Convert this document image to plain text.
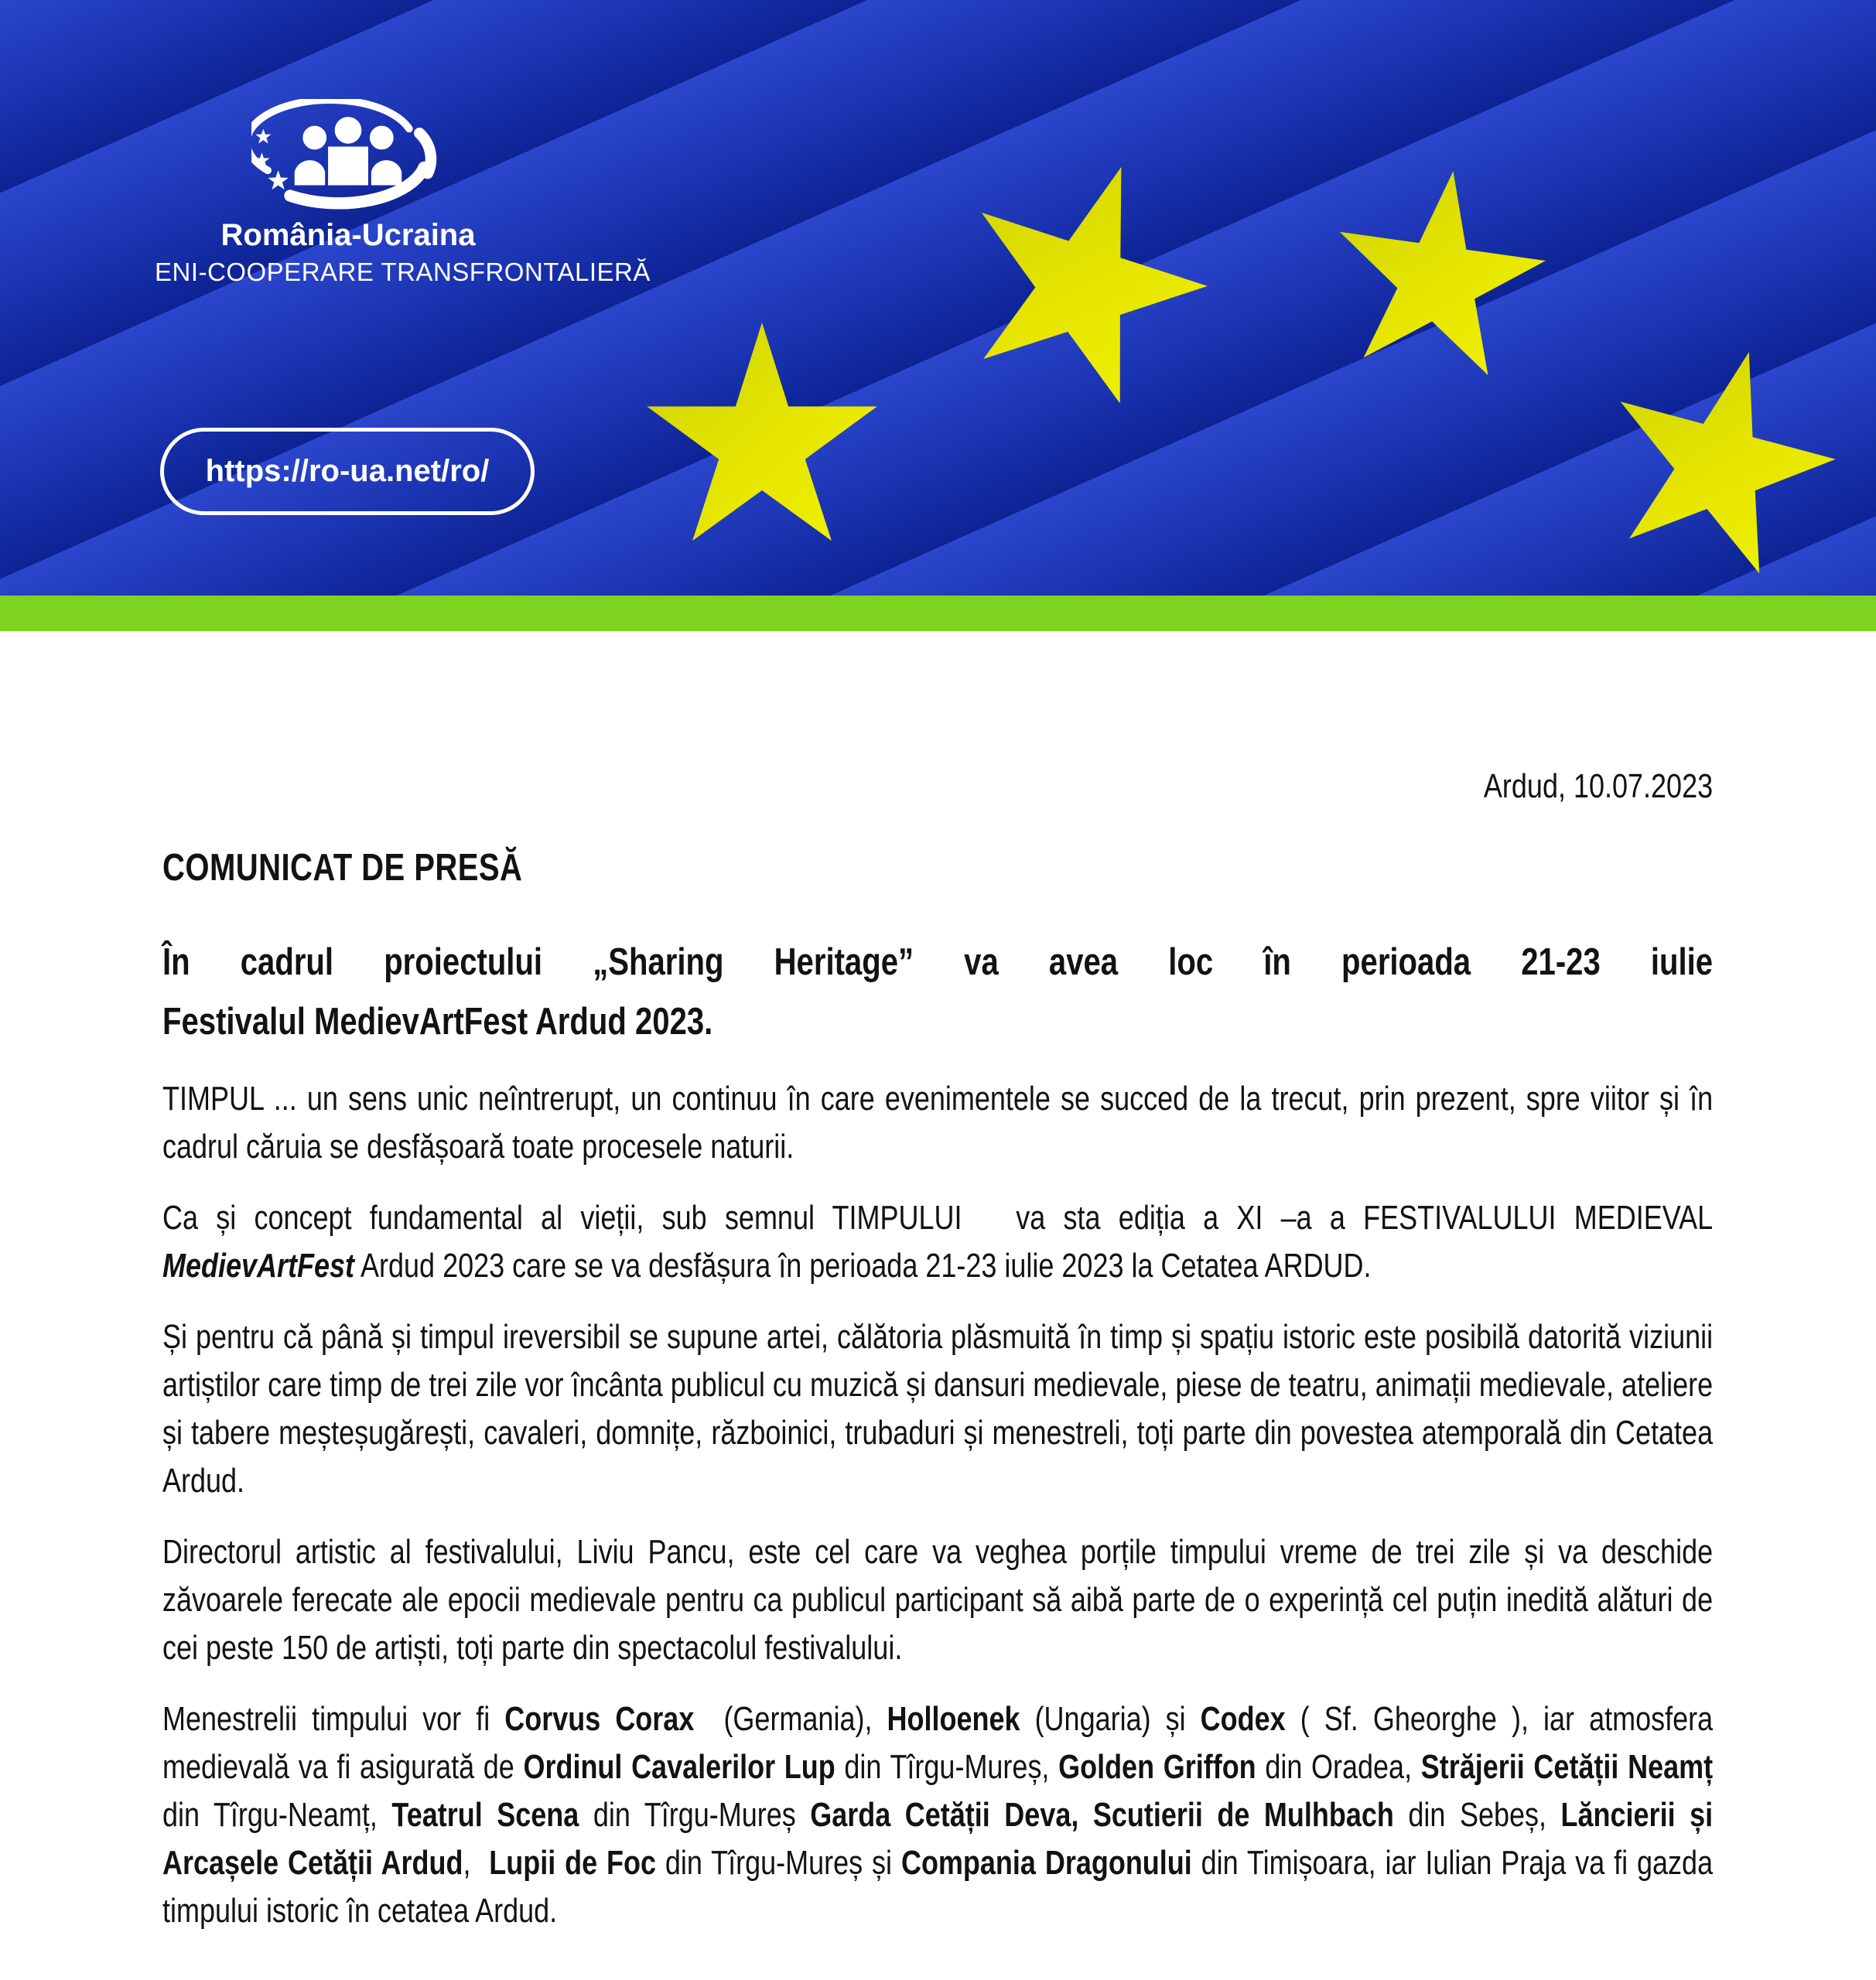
România-Ucraina
ENI-COOPERARE TRANSFRONTALIERĂ
https://ro-ua.net/ro/
Ardud, 10.07.2023
COMUNICAT DE PRESĂ
În cadrul proiectului „Sharing Heritage” va avea loc în perioada 21-23 iulie
Festivalul MedievArtFest Ardud 2023.

TIMPUL ... un sens unic neîntrerupt, un continuu în care evenimentele se succed de la trecut, prin prezent, spre viitor și în cadrul căruia se desfășoară toate procesele naturii.

Ca și concept fundamental al vieții, sub semnul TIMPULUI   va sta ediția a XI –a a FESTIVALULUI MEDIEVAL MedievArtFest Ardud 2023 care se va desfășura în perioada 21-23 iulie 2023 la Cetatea ARDUD.

Și pentru că până și timpul ireversibil se supune artei, călătoria plăsmuită în timp și spațiu istoric este posibilă datorită viziunii artiștilor care timp de trei zile vor încânta publicul cu muzică și dansuri medievale, piese de teatru, animații medievale, ateliere și tabere meșteșugărești, cavaleri, domnițe, războinici, trubaduri și menestreli, toți parte din povestea atemporală din Cetatea Ardud.

Directorul artistic al festivalului, Liviu Pancu, este cel care va veghea porțile timpului vreme de trei zile și va deschide zăvoarele ferecate ale epocii medievale pentru ca publicul participant să aibă parte de o experință cel puțin inedită alături de cei peste 150 de artiști, toți parte din spectacolul festivalului.

Menestrelii timpului vor fi Corvus Corax  (Germania), Holloenek (Ungaria) și Codex ( Sf. Gheorghe ), iar atmosfera medievală va fi asigurată de Ordinul Cavalerilor Lup din Tîrgu-Mureș, Golden Griffon din Oradea, Străjerii Cetății Neamț din Tîrgu-Neamț, Teatrul Scena din Tîrgu-Mureș Garda Cetății Deva, Scutierii de Mulhbach din Sebeș, Lăncierii și Arcașele Cetății Ardud,  Lupii de Foc din Tîrgu-Mureș și Compania Dragonului din Timișoara, iar Iulian Praja va fi gazda timpului istoric în cetatea Ardud.
